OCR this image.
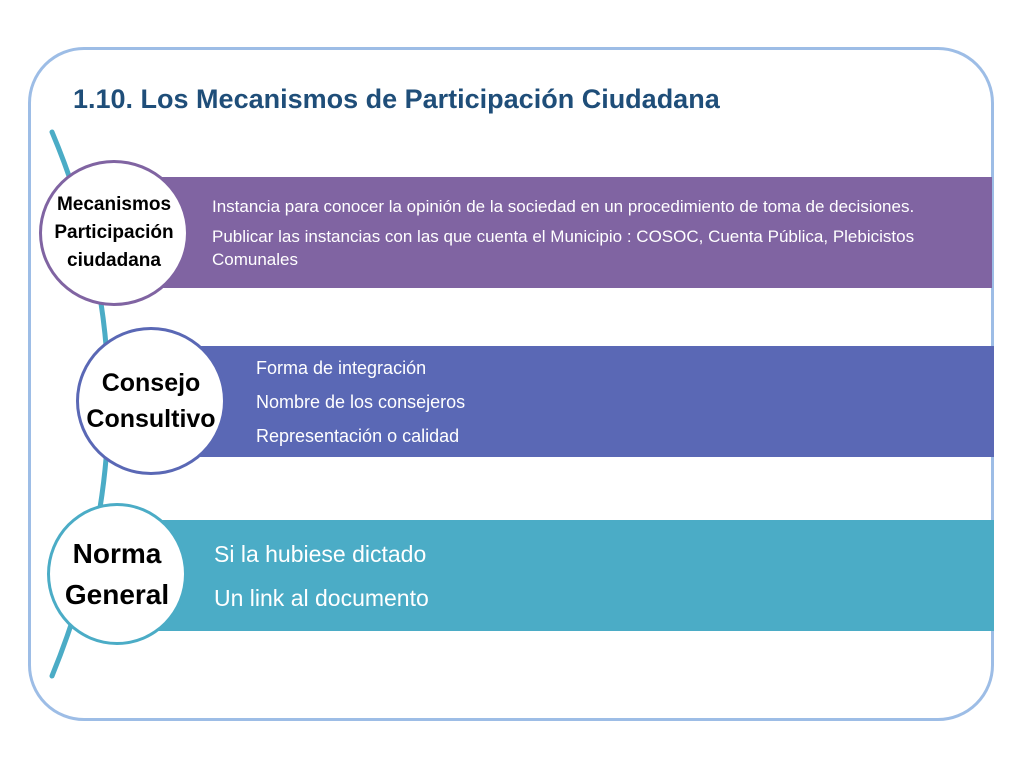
1.10. Los Mecanismos de Participación Ciudadana
Instancia para conocer la opinión de la sociedad en un procedimiento de toma de decisiones.
Publicar las instancias con las que cuenta el Municipio : COSOC, Cuenta Pública, Plebicistos Comunales
Mecanismos Participación ciudadana
Forma de integración
Nombre de los consejeros
Representación o calidad
Consejo Consultivo
Si la hubiese dictado
Un link al documento
Norma General
